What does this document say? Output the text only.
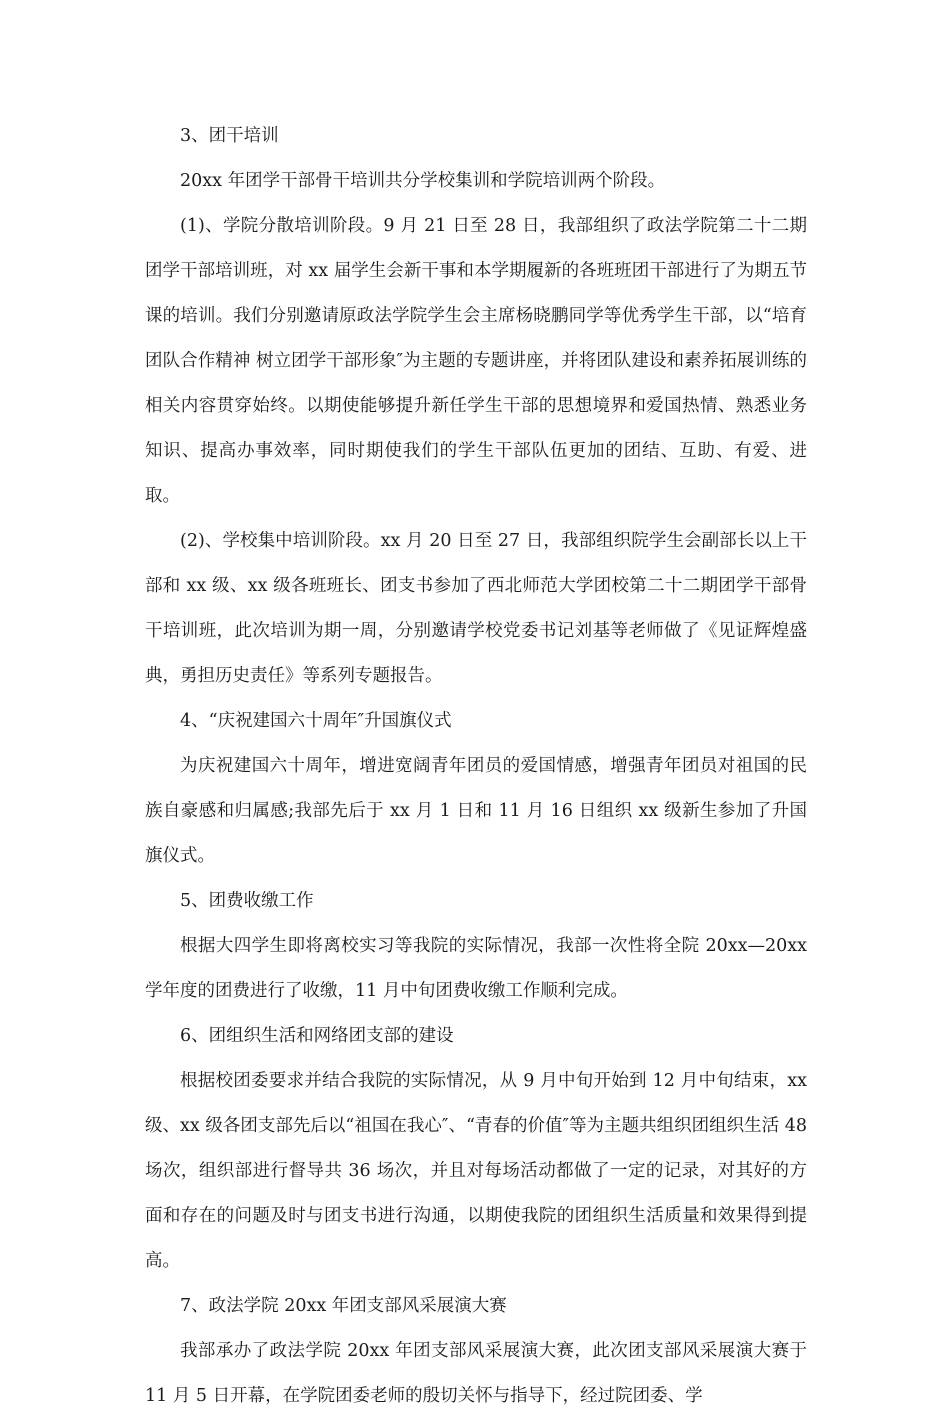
3、团干培训

20xx 年团学干部骨干培训共分学校集训和学院培训两个阶段。

(1)、学院分散培训阶段。9 月 21 日至 28 日，我部组织了政法学院第二十二期团学干部培训班，对 xx 届学生会新干事和本学期履新的各班班团干部进行了为期五节课的培训。我们分别邀请原政法学院学生会主席杨晓鹏同学等优秀学生干部，以“培育团队合作精神 树立团学干部形象″为主题的专题讲座，并将团队建设和素养拓展训练的相关内容贯穿始终。以期使能够提升新任学生干部的思想境界和爱国热情、熟悉业务知识、提高办事效率，同时期使我们的学生干部队伍更加的团结、互助、有爱、进取。

(2)、学校集中培训阶段。xx 月 20 日至 27 日，我部组织院学生会副部长以上干部和 xx 级、xx 级各班班长、团支书参加了西北师范大学团校第二十二期团学干部骨干培训班，此次培训为期一周，分别邀请学校党委书记刘基等老师做了《见证辉煌盛典，勇担历史责任》等系列专题报告。

4、“庆祝建国六十周年″升国旗仪式

为庆祝建国六十周年，增进宽阔青年团员的爱国情感，增强青年团员对祖国的民族自豪感和归属感;我部先后于 xx 月 1 日和 11 月 16 日组织 xx 级新生参加了升国旗仪式。

5、团费收缴工作

根据大四学生即将离校实习等我院的实际情况，我部一次性将全院 20xx—20xx 学年度的团费进行了收缴，11 月中旬团费收缴工作顺利完成。

6、团组织生活和网络团支部的建设

根据校团委要求并结合我院的实际情况，从 9 月中旬开始到 12 月中旬结束，xx 级、xx 级各团支部先后以“祖国在我心″、“青春的价值″等为主题共组织团组织生活 48 场次，组织部进行督导共 36 场次，并且对每场活动都做了一定的记录，对其好的方面和存在的问题及时与团支书进行沟通，以期使我院的团组织生活质量和效果得到提高。

7、政法学院 20xx 年团支部风采展演大赛

我部承办了政法学院 20xx 年团支部风采展演大赛，此次团支部风采展演大赛于 11 月 5 日开幕，在学院团委老师的殷切关怀与指导下，经过院团委、学
